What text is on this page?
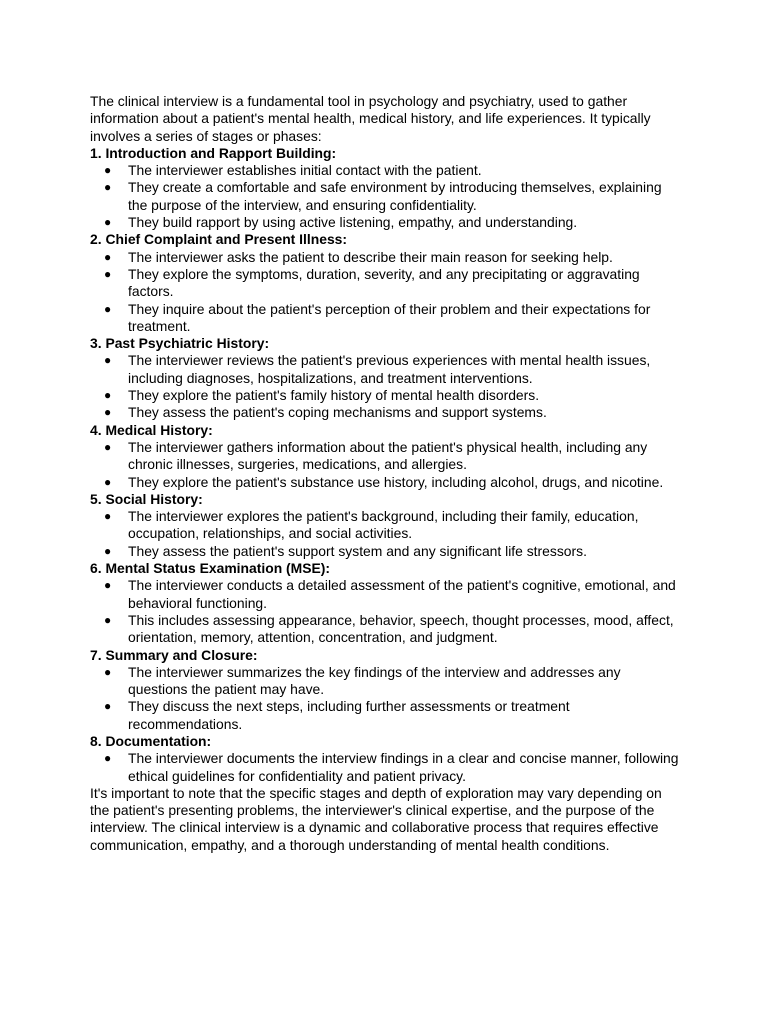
The clinical interview is a fundamental tool in psychology and psychiatry, used to gather information about a patient's mental health, medical history, and life experiences. It typically involves a series of stages or phases:

1. Introduction and Rapport Building:

● The interviewer establishes initial contact with the patient.
● They create a comfortable and safe environment by introducing themselves, explaining the purpose of the interview, and ensuring confidentiality.
● They build rapport by using active listening, empathy, and understanding.

2. Chief Complaint and Present Illness:

● The interviewer asks the patient to describe their main reason for seeking help.
● They explore the symptoms, duration, severity, and any precipitating or aggravating factors.
● They inquire about the patient's perception of their problem and their expectations for treatment.

3. Past Psychiatric History:

● The interviewer reviews the patient's previous experiences with mental health issues, including diagnoses, hospitalizations, and treatment interventions.
● They explore the patient's family history of mental health disorders.
● They assess the patient's coping mechanisms and support systems.

4. Medical History:

● The interviewer gathers information about the patient's physical health, including any chronic illnesses, surgeries, medications, and allergies.
● They explore the patient's substance use history, including alcohol, drugs, and nicotine.

5. Social History:

● The interviewer explores the patient's background, including their family, education, occupation, relationships, and social activities.
● They assess the patient's support system and any significant life stressors.

6. Mental Status Examination (MSE):

● The interviewer conducts a detailed assessment of the patient's cognitive, emotional, and behavioral functioning.
● This includes assessing appearance, behavior, speech, thought processes, mood, affect, orientation, memory, attention, concentration, and judgment.

7. Summary and Closure:

● The interviewer summarizes the key findings of the interview and addresses any questions the patient may have.
● They discuss the next steps, including further assessments or treatment recommendations.

8. Documentation:

● The interviewer documents the interview findings in a clear and concise manner, following ethical guidelines for confidentiality and patient privacy.

It's important to note that the specific stages and depth of exploration may vary depending on the patient's presenting problems, the interviewer's clinical expertise, and the purpose of the interview. The clinical interview is a dynamic and collaborative process that requires effective communication, empathy, and a thorough understanding of mental health conditions.
